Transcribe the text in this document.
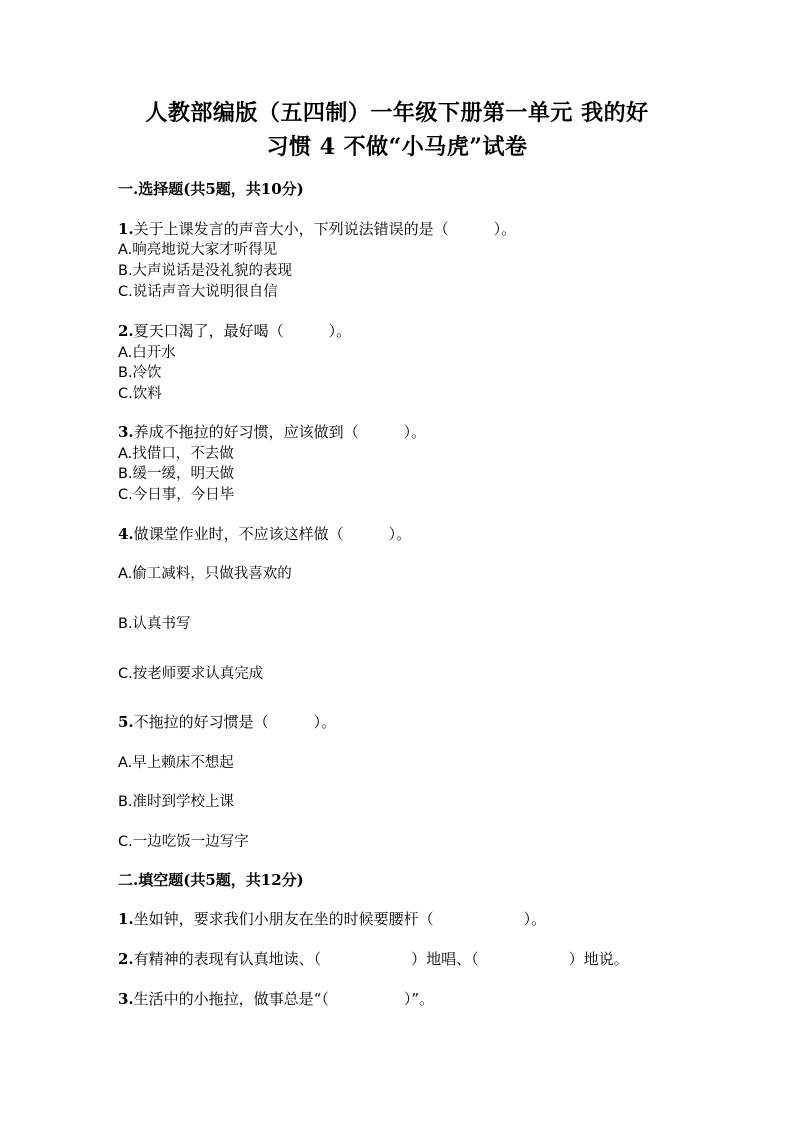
人教部编版（五四制）一年级下册第一单元 我的好
习惯 4 不做“小马虎”试卷
一.选择题(共5题，共10分)
1.关于上课发言的声音大小，下列说法错误的是（　　　）。
A.响亮地说大家才听得见
B.大声说话是没礼貌的表现
C.说话声音大说明很自信
2.夏天口渴了，最好喝（　　　）。
A.白开水
B.冷饮
C.饮料
3.养成不拖拉的好习惯，应该做到（　　　）。
A.找借口，不去做
B.缓一缓，明天做
C.今日事，今日毕
4.做课堂作业时，不应该这样做（　　　）。
A.偷工减料，只做我喜欢的
B.认真书写
C.按老师要求认真完成
5.不拖拉的好习惯是（　　　）。
A.早上赖床不想起
B.准时到学校上课
C.一边吃饭一边写字
二.填空题(共5题，共12分)
1.坐如钟，要求我们小朋友在坐的时候要腰杆（　　　　　　）。
2.有精神的表现有认真地读、（　　　　　　）地唱、（　　　　　　）地说。
3.生活中的小拖拉，做事总是“（　　　　　）”。
